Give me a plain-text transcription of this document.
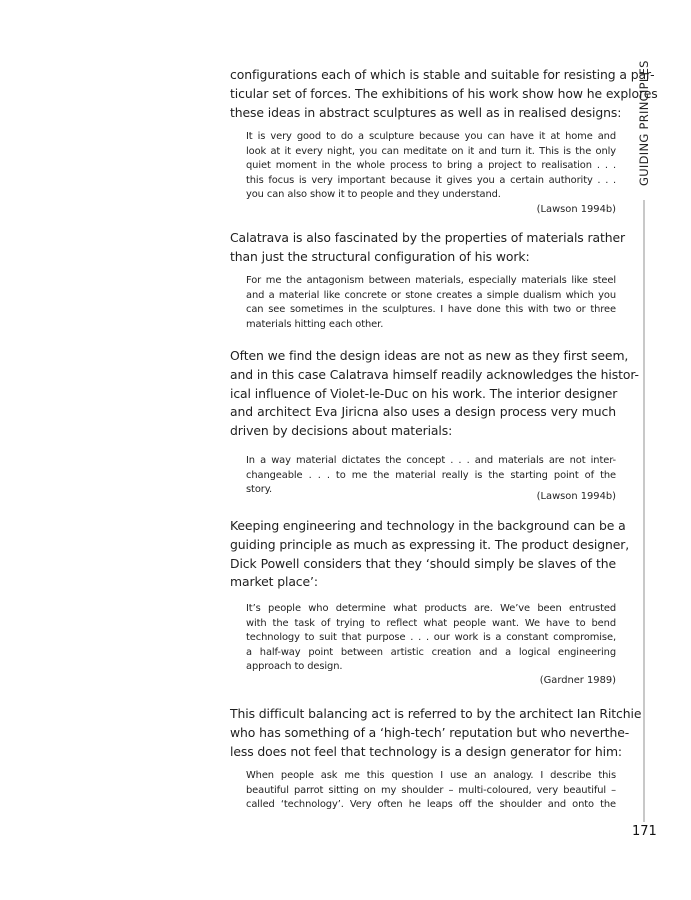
GUIDING PRINCIPLES
171
configurations each of which is stable and suitable for resisting a par-
ticular set of forces. The exhibitions of his work show how he explores
these ideas in abstract sculptures as well as in realised designs:
It is very good to do a sculpture because you can have it at home and
look at it every night, you can meditate on it and turn it. This is the only
quiet moment in the whole process to bring a project to realisation . . .
this focus is very important because it gives you a certain authority . . .
you can also show it to people and they understand.
(Lawson 1994b)
Calatrava is also fascinated by the properties of materials rather
than just the structural configuration of his work:
For me the antagonism between materials, especially materials like steel
and a material like concrete or stone creates a simple dualism which you
can see sometimes in the sculptures. I have done this with two or three
materials hitting each other.
Often we find the design ideas are not as new as they first seem,
and in this case Calatrava himself readily acknowledges the histor-
ical influence of Violet-le-Duc on his work. The interior designer
and architect Eva Jiricna also uses a design process very much
driven by decisions about materials:
In a way material dictates the concept . . . and materials are not inter-
changeable . . . to me the material really is the starting point of the
story.
(Lawson 1994b)
Keeping engineering and technology in the background can be a
guiding principle as much as expressing it. The product designer,
Dick Powell considers that they ‘should simply be slaves of the
market place’:
It’s people who determine what products are. We’ve been entrusted
with the task of trying to reflect what people want. We have to bend
technology to suit that purpose . . . our work is a constant compromise,
a half-way point between artistic creation and a logical engineering
approach to design.
(Gardner 1989)
This difficult balancing act is referred to by the architect Ian Ritchie
who has something of a ‘high-tech’ reputation but who neverthe-
less does not feel that technology is a design generator for him:
When people ask me this question I use an analogy. I describe this
beautiful parrot sitting on my shoulder – multi-coloured, very beautiful –
called ‘technology’. Very often he leaps off the shoulder and onto the
